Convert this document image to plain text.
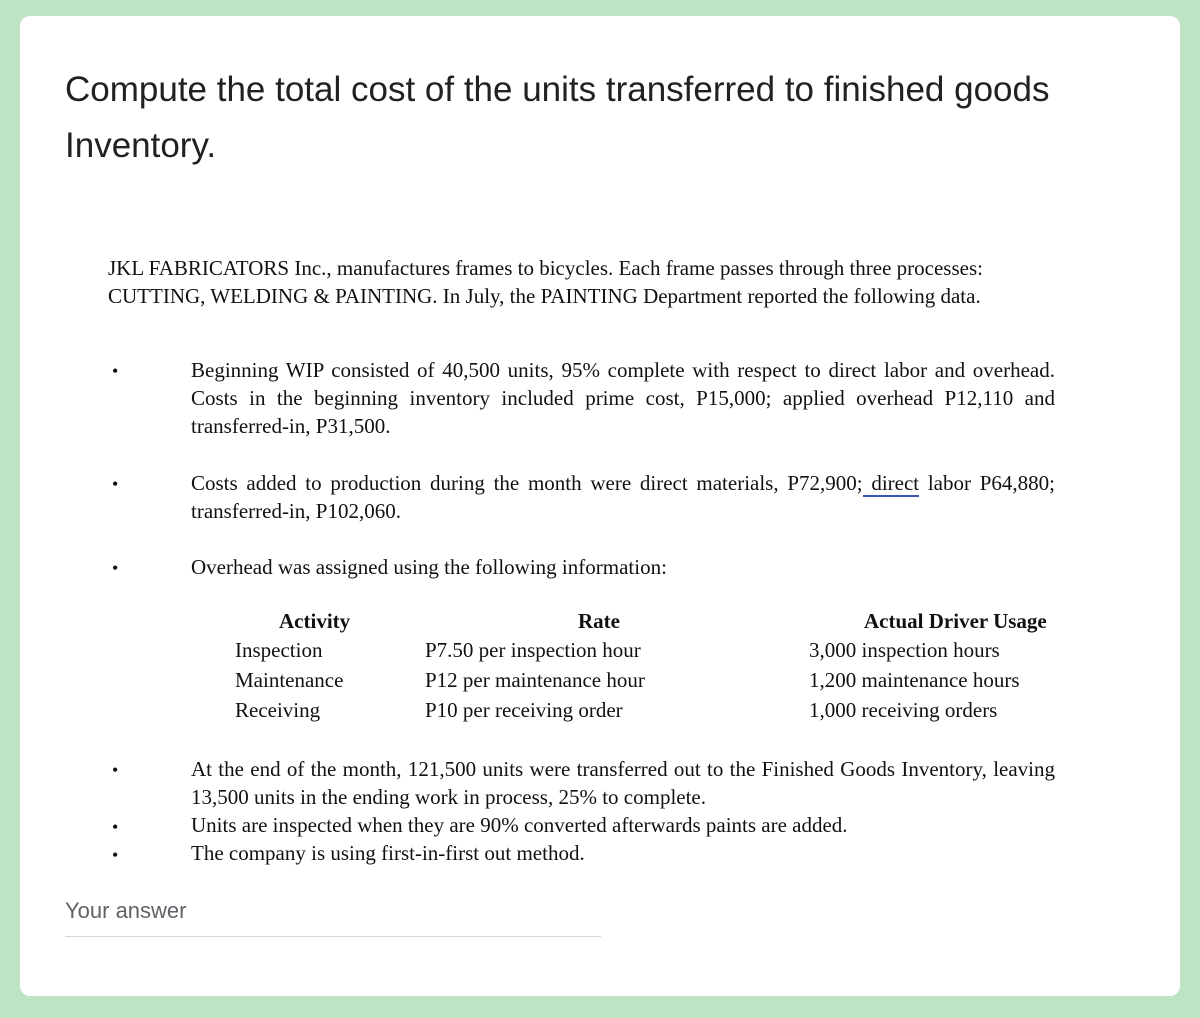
Compute the total cost of the units transferred to finished goods Inventory.

JKL FABRICATORS Inc., manufactures frames to bicycles. Each frame passes through three processes: CUTTING, WELDING & PAINTING. In July, the PAINTING Department reported the following data.

•	Beginning WIP consisted of 40,500 units, 95% complete with respect to direct labor and overhead. Costs in the beginning inventory included prime cost, P15,000; applied overhead P12,110 and transferred-in, P31,500.

•	Costs added to production during the month were direct materials, P72,900; direct labor P64,880; transferred-in, P102,060.

•	Overhead was assigned using the following information:

Activity	Rate	Actual Driver Usage
Inspection	P7.50 per inspection hour	3,000 inspection hours
Maintenance	P12 per maintenance hour	1,200 maintenance hours
Receiving	P10 per receiving order	1,000 receiving orders
•	At the end of the month, 121,500 units were transferred out to the Finished Goods Inventory, leaving 13,500 units in the ending work in process, 25% to complete.

•	Units are inspected when they are 90% converted afterwards paints are added.

•	The company is using first-in-first out method.

Your answer
